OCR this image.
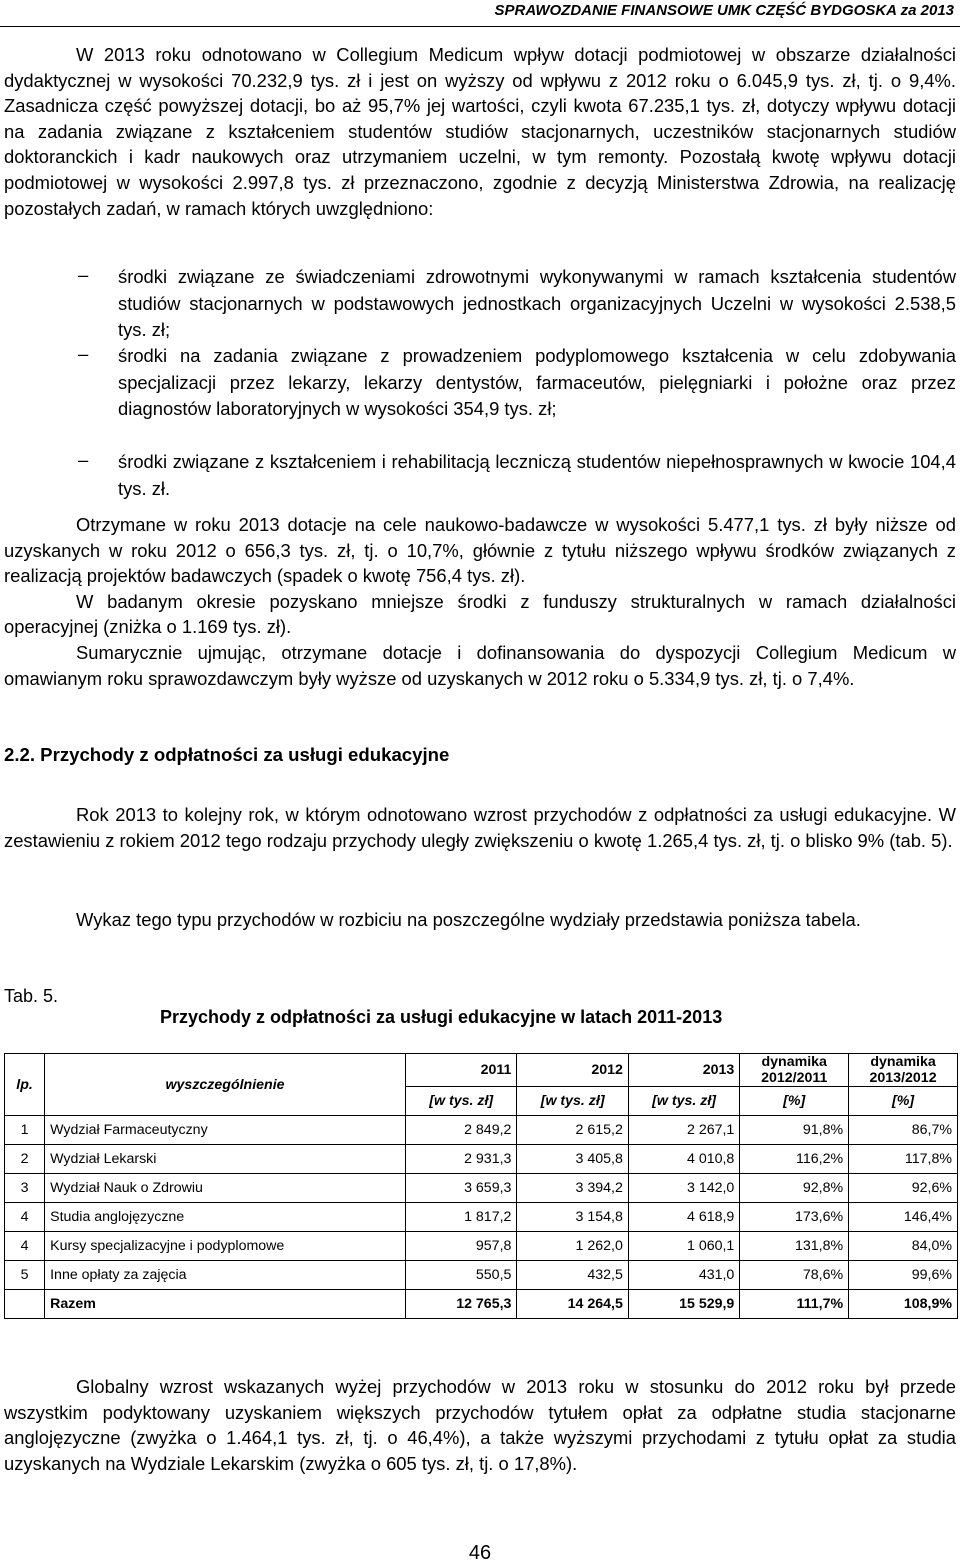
SPRAWOZDANIE FINANSOWE UMK CZĘŚĆ BYDGOSKA za 2013

W 2013 roku odnotowano w Collegium Medicum wpływ dotacji podmiotowej w obszarze działalności dydaktycznej w wysokości 70.232,9 tys. zł i jest on wyższy od wpływu z 2012 roku o 6.045,9 tys. zł, tj. o 9,4%. Zasadnicza część powyższej dotacji, bo aż 95,7% jej wartości, czyli kwota 67.235,1 tys. zł, dotyczy wpływu dotacji na zadania związane z kształceniem studentów studiów stacjonarnych, uczestników stacjonarnych studiów doktoranckich i kadr naukowych oraz utrzymaniem uczelni, w tym remonty. Pozostałą kwotę wpływu dotacji podmiotowej w wysokości 2.997,8 tys. zł przeznaczono, zgodnie z decyzją Ministerstwa Zdrowia, na realizację pozostałych zadań, w ramach których uwzględniono:

– środki związane ze świadczeniami zdrowotnymi wykonywanymi w ramach kształcenia studentów studiów stacjonarnych w podstawowych jednostkach organizacyjnych Uczelni w wysokości 2.538,5 tys. zł;
– środki na zadania związane z prowadzeniem podyplomowego kształcenia w celu zdobywania specjalizacji przez lekarzy, lekarzy dentystów, farmaceutów, pielęgniarki i położne oraz przez diagnostów laboratoryjnych w wysokości 354,9 tys. zł;
– środki związane z kształceniem i rehabilitacją leczniczą studentów niepełnosprawnych w kwocie 104,4 tys. zł.

Otrzymane w roku 2013 dotacje na cele naukowo-badawcze w wysokości 5.477,1 tys. zł były niższe od uzyskanych w roku 2012 o 656,3 tys. zł, tj. o 10,7%, głównie z tytułu niższego wpływu środków związanych z realizacją projektów badawczych (spadek o kwotę 756,4 tys. zł).

W badanym okresie pozyskano mniejsze środki z funduszy strukturalnych w ramach działalności operacyjnej (zniżka o 1.169 tys. zł).

Sumarycznie ujmując, otrzymane dotacje i dofinansowania do dyspozycji Collegium Medicum w omawianym roku sprawozdawczym były wyższe od uzyskanych w 2012 roku o 5.334,9 tys. zł, tj. o 7,4%.

2.2. Przychody z odpłatności za usługi edukacyjne

Rok 2013 to kolejny rok, w którym odnotowano wzrost przychodów z odpłatności za usługi edukacyjne. W zestawieniu z rokiem 2012 tego rodzaju przychody uległy zwiększeniu o kwotę 1.265,4 tys. zł, tj. o blisko 9% (tab. 5).

Wykaz tego typu przychodów w rozbiciu na poszczególne wydziały przedstawia poniższa tabela.

Tab. 5.
Przychody z odpłatności za usługi edukacyjne w latach 2011-2013
lp.	wyszczególnienie	2011	2012	2013	dynamika 2012/2011	dynamika 2013/2012
		[w tys. zł]	[w tys. zł]	[w tys. zł]	[%]	[%]
1	Wydział Farmaceutyczny	2 849,2	2 615,2	2 267,1	91,8%	86,7%
2	Wydział Lekarski	2 931,3	3 405,8	4 010,8	116,2%	117,8%
3	Wydział Nauk o Zdrowiu	3 659,3	3 394,2	3 142,0	92,8%	92,6%
4	Studia anglojęzyczne	1 817,2	3 154,8	4 618,9	173,6%	146,4%
4	Kursy specjalizacyjne i podyplomowe	957,8	1 262,0	1 060,1	131,8%	84,0%
5	Inne opłaty za zajęcia	550,5	432,5	431,0	78,6%	99,6%
	Razem	12 765,3	14 264,5	15 529,9	111,7%	108,9%

Globalny wzrost wskazanych wyżej przychodów w 2013 roku w stosunku do 2012 roku był przede wszystkim podyktowany uzyskaniem większych przychodów tytułem opłat za odpłatne studia stacjonarne anglojęzyczne (zwyżka o 1.464,1 tys. zł, tj. o 46,4%), a także wyższymi przychodami z tytułu opłat za studia uzyskanych na Wydziale Lekarskim (zwyżka o 605 tys. zł, tj. o 17,8%).

46
